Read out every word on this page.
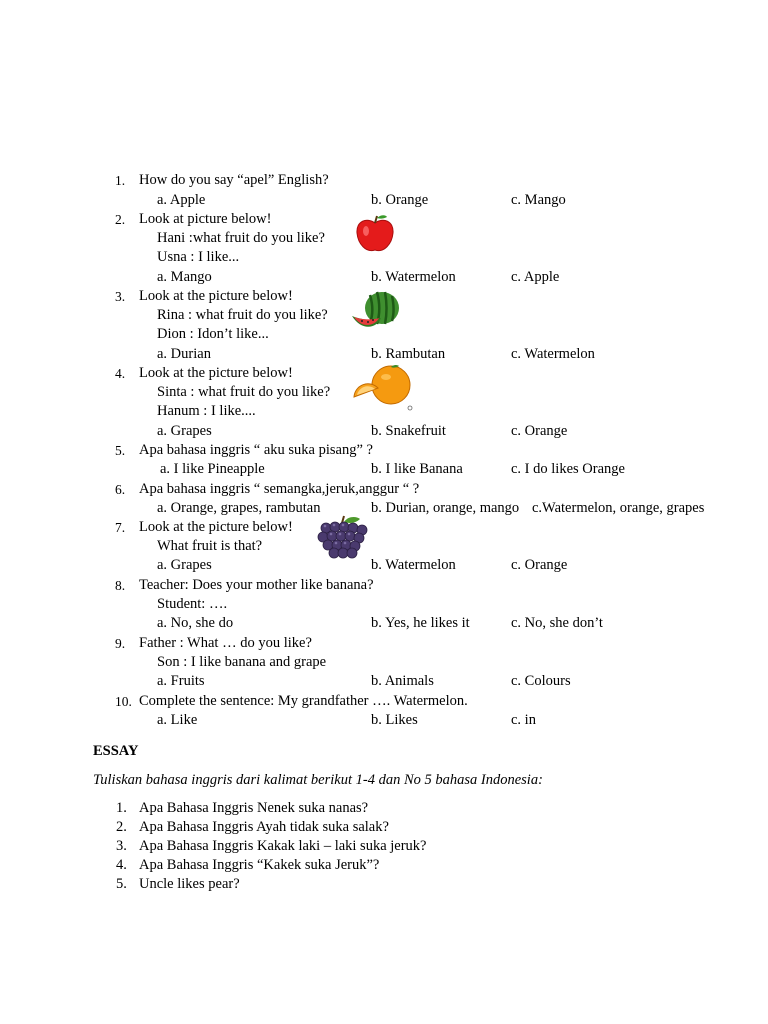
1. How do you say “apel” English?
a. Apple	b. Orange	c. Mango
2. Look at picture below!
Hani :what fruit do you like?
Usna : I like...
a. Mango	b. Watermelon	c. Apple
3. Look at the picture below!
Rina : what fruit do you like?
Dion : Idon’t like...
a. Durian	b. Rambutan	c. Watermelon
4. Look at the picture below!
Sinta : what fruit do you like?
Hanum : I like....
a. Grapes	b. Snakefruit	c. Orange
5. Apa bahasa inggris “ aku suka pisang” ?
a. I like Pineapple	b. I like Banana	c. I do likes Orange
6. Apa bahasa inggris “ semangka,jeruk,anggur “ ?
a. Orange, grapes, rambutan	b. Durian, orange, mango c.Watermelon, orange, grapes
7. Look at the picture below!
What fruit is that?
a. Grapes	b. Watermelon	c. Orange
8. Teacher: Does your mother like banana?
Student: ….
a. No, she do	b. Yes, he likes it	c. No, she don’t
9. Father : What … do you like?
Son : I like banana and grape
a. Fruits	b. Animals	c. Colours
10. Complete the sentence: My grandfather …. Watermelon.
a. Like	b. Likes	c. in
ESSAY
Tuliskan bahasa inggris dari kalimat berikut 1-4 dan No 5 bahasa Indonesia:
1. Apa Bahasa Inggris Nenek suka nanas?
2. Apa Bahasa Inggris Ayah tidak suka salak?
3. Apa Bahasa Inggris Kakak laki – laki suka jeruk?
4. Apa Bahasa Inggris “Kakek suka Jeruk”?
5. Uncle likes pear?
